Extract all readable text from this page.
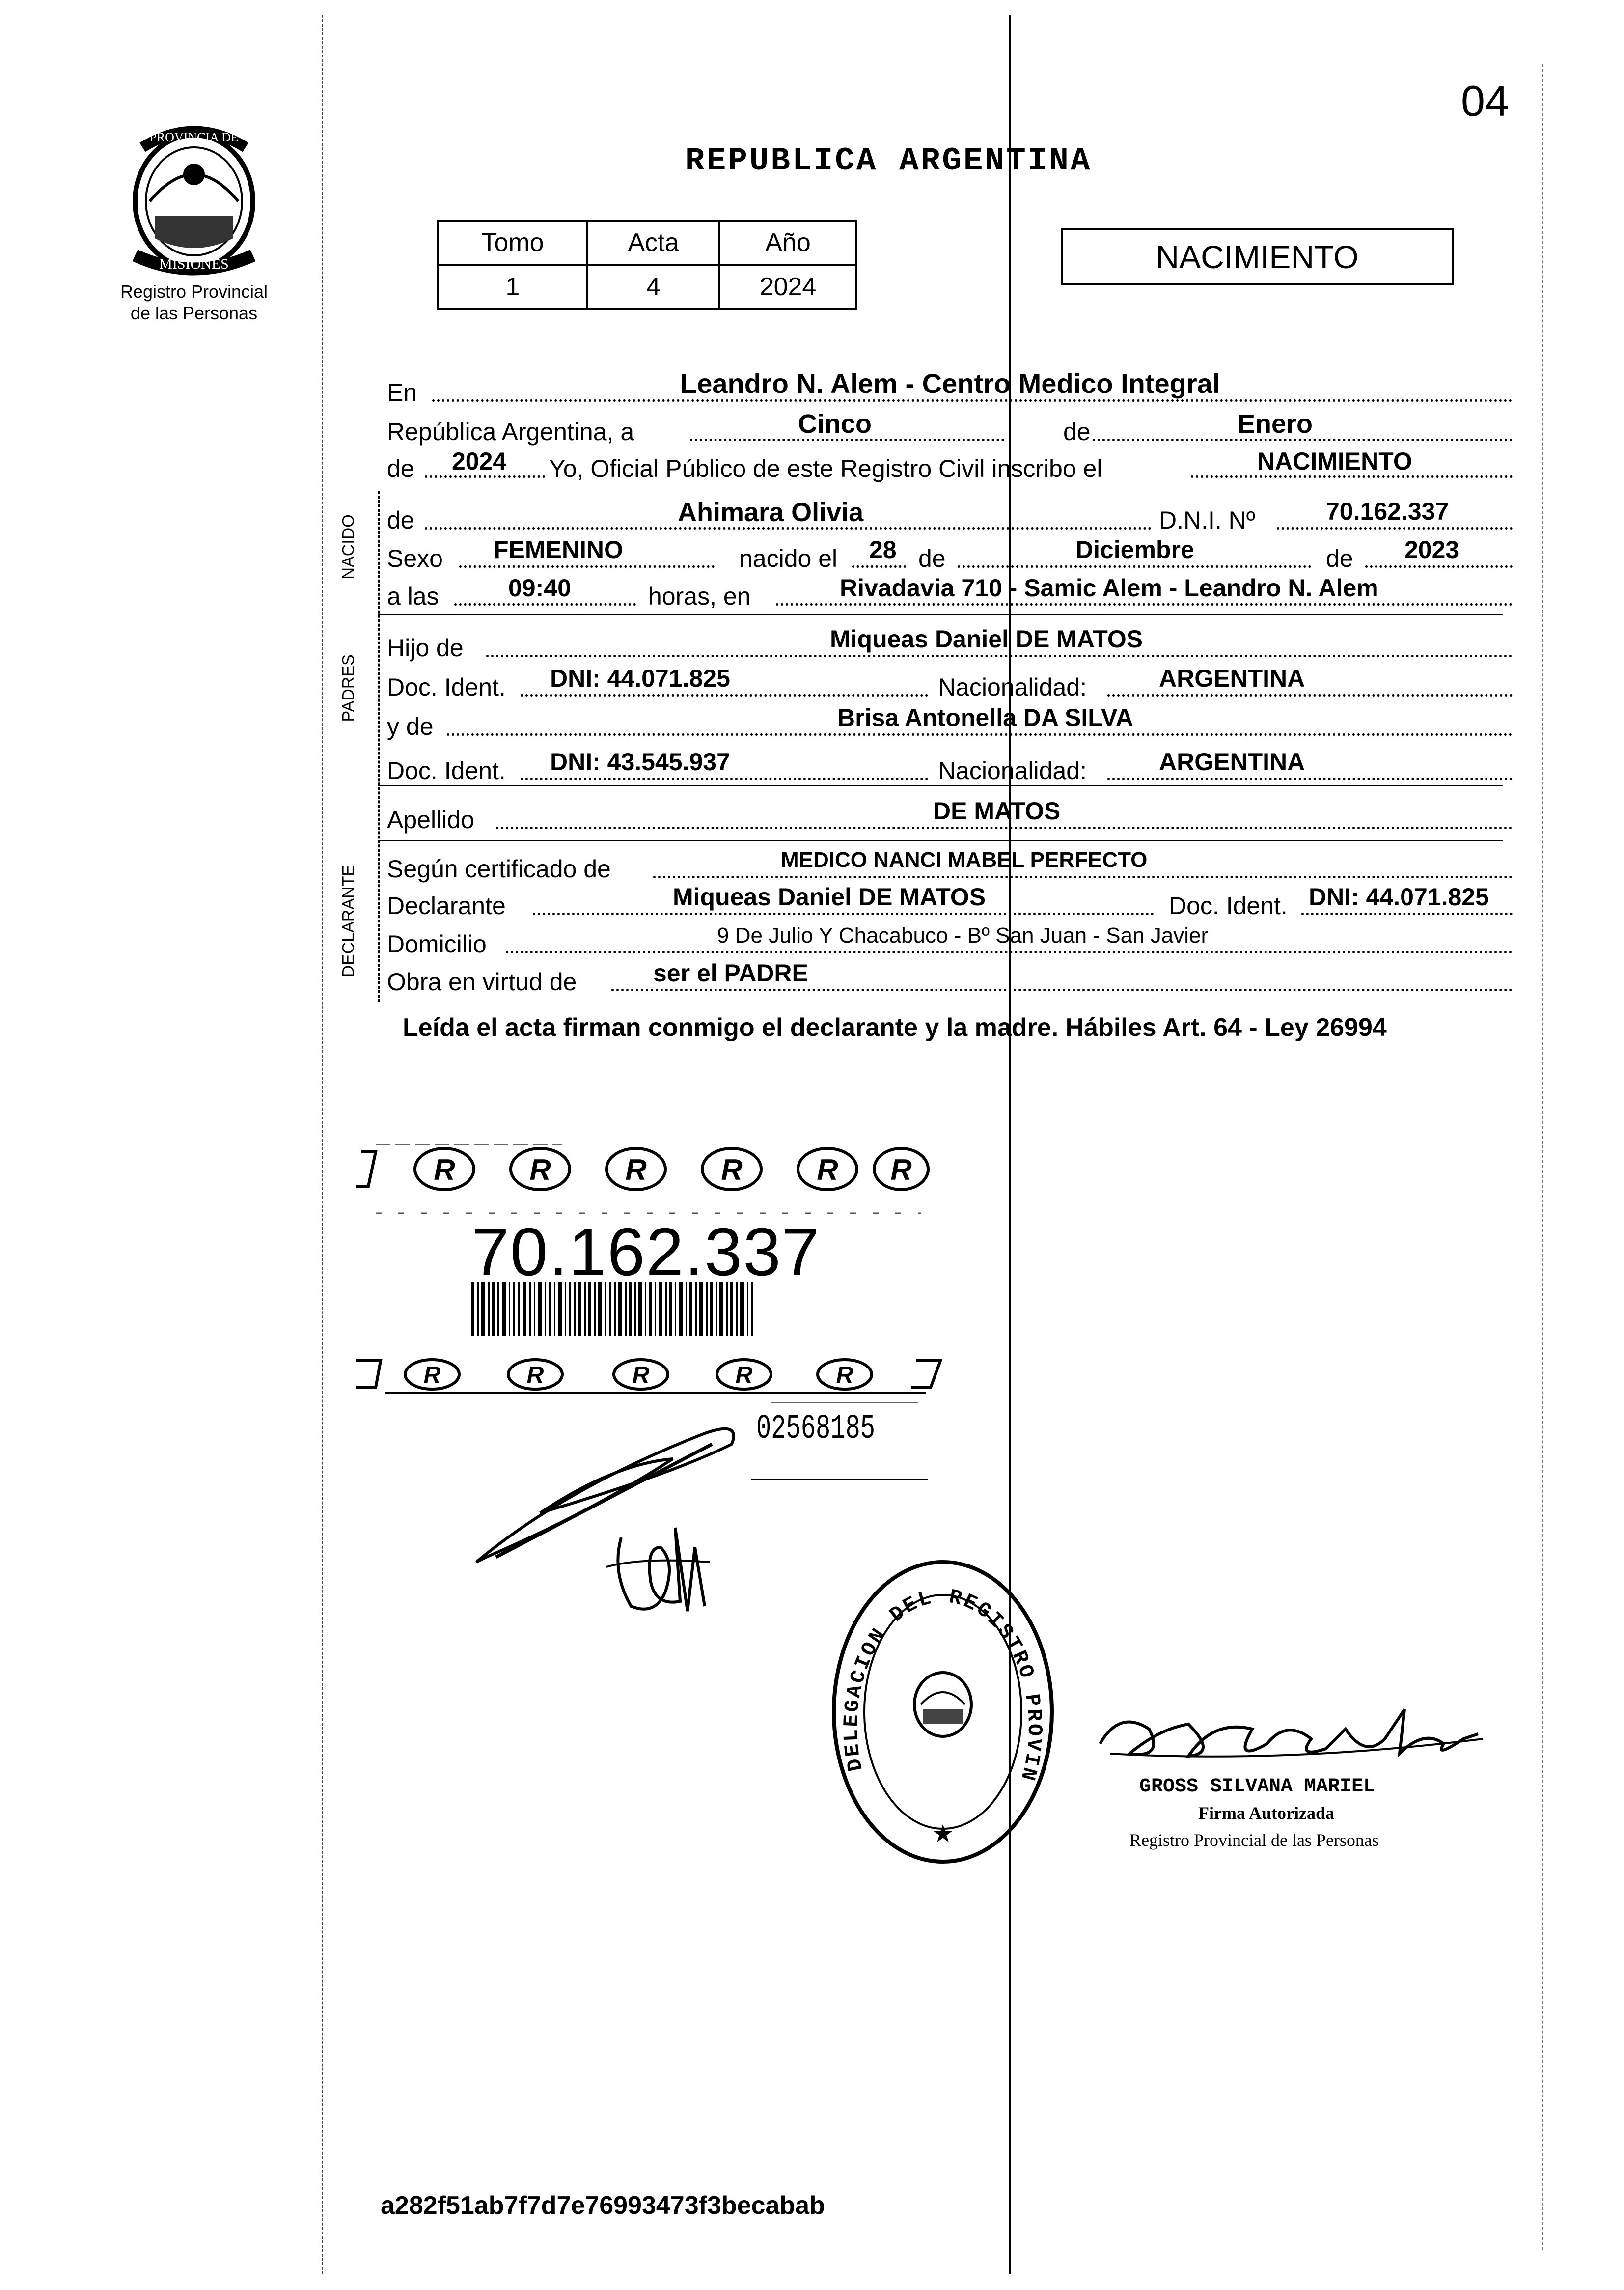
PROVINCIA DE
MISIONES
Registro Provincial
de las Personas
04
REPUBLICA ARGENTINA
Tomo	Acta	Año
1	4	2024
NACIMIENTO
NACIDO
PADRES
DECLARANTE
En	Leandro N. Alem - Centro Medico Integral
República Argentina, a	Cinco	de	Enero
de 2024 Yo, Oficial Público de este Registro Civil inscribo el	NACIMIENTO
de	Ahimara Olivia	D.N.I. Nº	70.162.337
Sexo FEMENINO	nacido el 28 de	Diciembre	de 2023
a las	09:40	horas, en	Rivadavia 710 - Samic Alem - Leandro N. Alem
Hijo de	Miqueas Daniel DE MATOS
Doc. Ident. DNI: 44.071.825	Nacionalidad:	ARGENTINA
y de	Brisa Antonella DA SILVA
Doc. Ident. DNI: 43.545.937	Nacionalidad:	ARGENTINA
Apellido	DE MATOS
Según certificado de	MEDICO NANCI MABEL PERFECTO
Declarante	Miqueas Daniel DE MATOS	Doc. Ident. DNI: 44.071.825
Domicilio	9 De Julio Y Chacabuco - Bº San Juan - San Javier
Obra en virtud de	ser el PADRE
Leída el acta firman conmigo el declarante y la madre. Hábiles Art. 64 - Ley 26994
R	R	R	R	R R
R	R	R	R	R
70.162.337
02568185
DELEGACION DEL REGISTRO PROVIN
★
GROSS SILVANA MARIEL
Firma Autorizada
Registro Provincial de las Personas
a282f51ab7f7d7e76993473f3becabab
